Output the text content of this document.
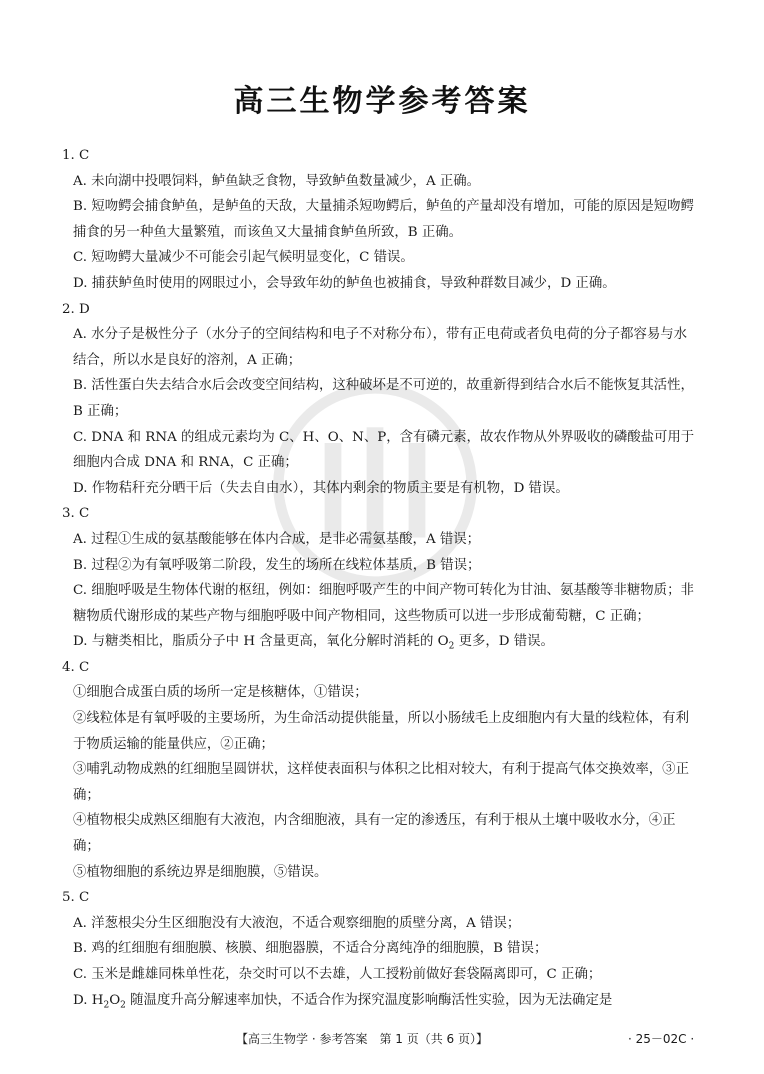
高三生物学参考答案

1. C

A. 未向湖中投喂饲料，鲈鱼缺乏食物，导致鲈鱼数量减少，A 正确。

B. 短吻鳄会捕食鲈鱼，是鲈鱼的天敌，大量捕杀短吻鳄后，鲈鱼的产量却没有增加，可能的原因是短吻鳄捕食的另一种鱼大量繁殖，而该鱼又大量捕食鲈鱼所致，B 正确。

C. 短吻鳄大量减少不可能会引起气候明显变化，C 错误。

D. 捕获鲈鱼时使用的网眼过小，会导致年幼的鲈鱼也被捕食，导致种群数目减少，D 正确。

2. D

A. 水分子是极性分子（水分子的空间结构和电子不对称分布），带有正电荷或者负电荷的分子都容易与水结合，所以水是良好的溶剂，A 正确；

B. 活性蛋白失去结合水后会改变空间结构，这种破坏是不可逆的，故重新得到结合水后不能恢复其活性，B 正确；

C. DNA 和 RNA 的组成元素均为 C、H、O、N、P，含有磷元素，故农作物从外界吸收的磷酸盐可用于细胞内合成 DNA 和 RNA，C 正确；

D. 作物秸秆充分晒干后（失去自由水），其体内剩余的物质主要是有机物，D 错误。

3. C

A. 过程①生成的氨基酸能够在体内合成，是非必需氨基酸，A 错误；

B. 过程②为有氧呼吸第二阶段，发生的场所在线粒体基质，B 错误；

C. 细胞呼吸是生物体代谢的枢纽，例如：细胞呼吸产生的中间产物可转化为甘油、氨基酸等非糖物质；非糖物质代谢形成的某些产物与细胞呼吸中间产物相同，这些物质可以进一步形成葡萄糖，C 正确；

D. 与糖类相比，脂质分子中 H 含量更高，氧化分解时消耗的 $O_2$ 更多，D 错误。

4. C

①细胞合成蛋白质的场所一定是核糖体，①错误；

②线粒体是有氧呼吸的主要场所，为生命活动提供能量，所以小肠绒毛上皮细胞内有大量的线粒体，有利于物质运输的能量供应，②正确；

③哺乳动物成熟的红细胞呈圆饼状，这样使表面积与体积之比相对较大，有利于提高气体交换效率，③正确；

④植物根尖成熟区细胞有大液泡，内含细胞液，具有一定的渗透压，有利于根从土壤中吸收水分，④正确；

⑤植物细胞的系统边界是细胞膜，⑤错误。

5. C

A. 洋葱根尖分生区细胞没有大液泡，不适合观察细胞的质壁分离，A 错误；

B. 鸡的红细胞有细胞膜、核膜、细胞器膜，不适合分离纯净的细胞膜，B 错误；

C. 玉米是雌雄同株单性花，杂交时可以不去雄，人工授粉前做好套袋隔离即可，C 正确；

D. $H_2O_2$ 随温度升高分解速率加快，不适合作为探究温度影响酶活性实验，因为无法确定是

【高三生物学 · 参考答案　第 1 页（共 6 页）】	· 25－02C ·
